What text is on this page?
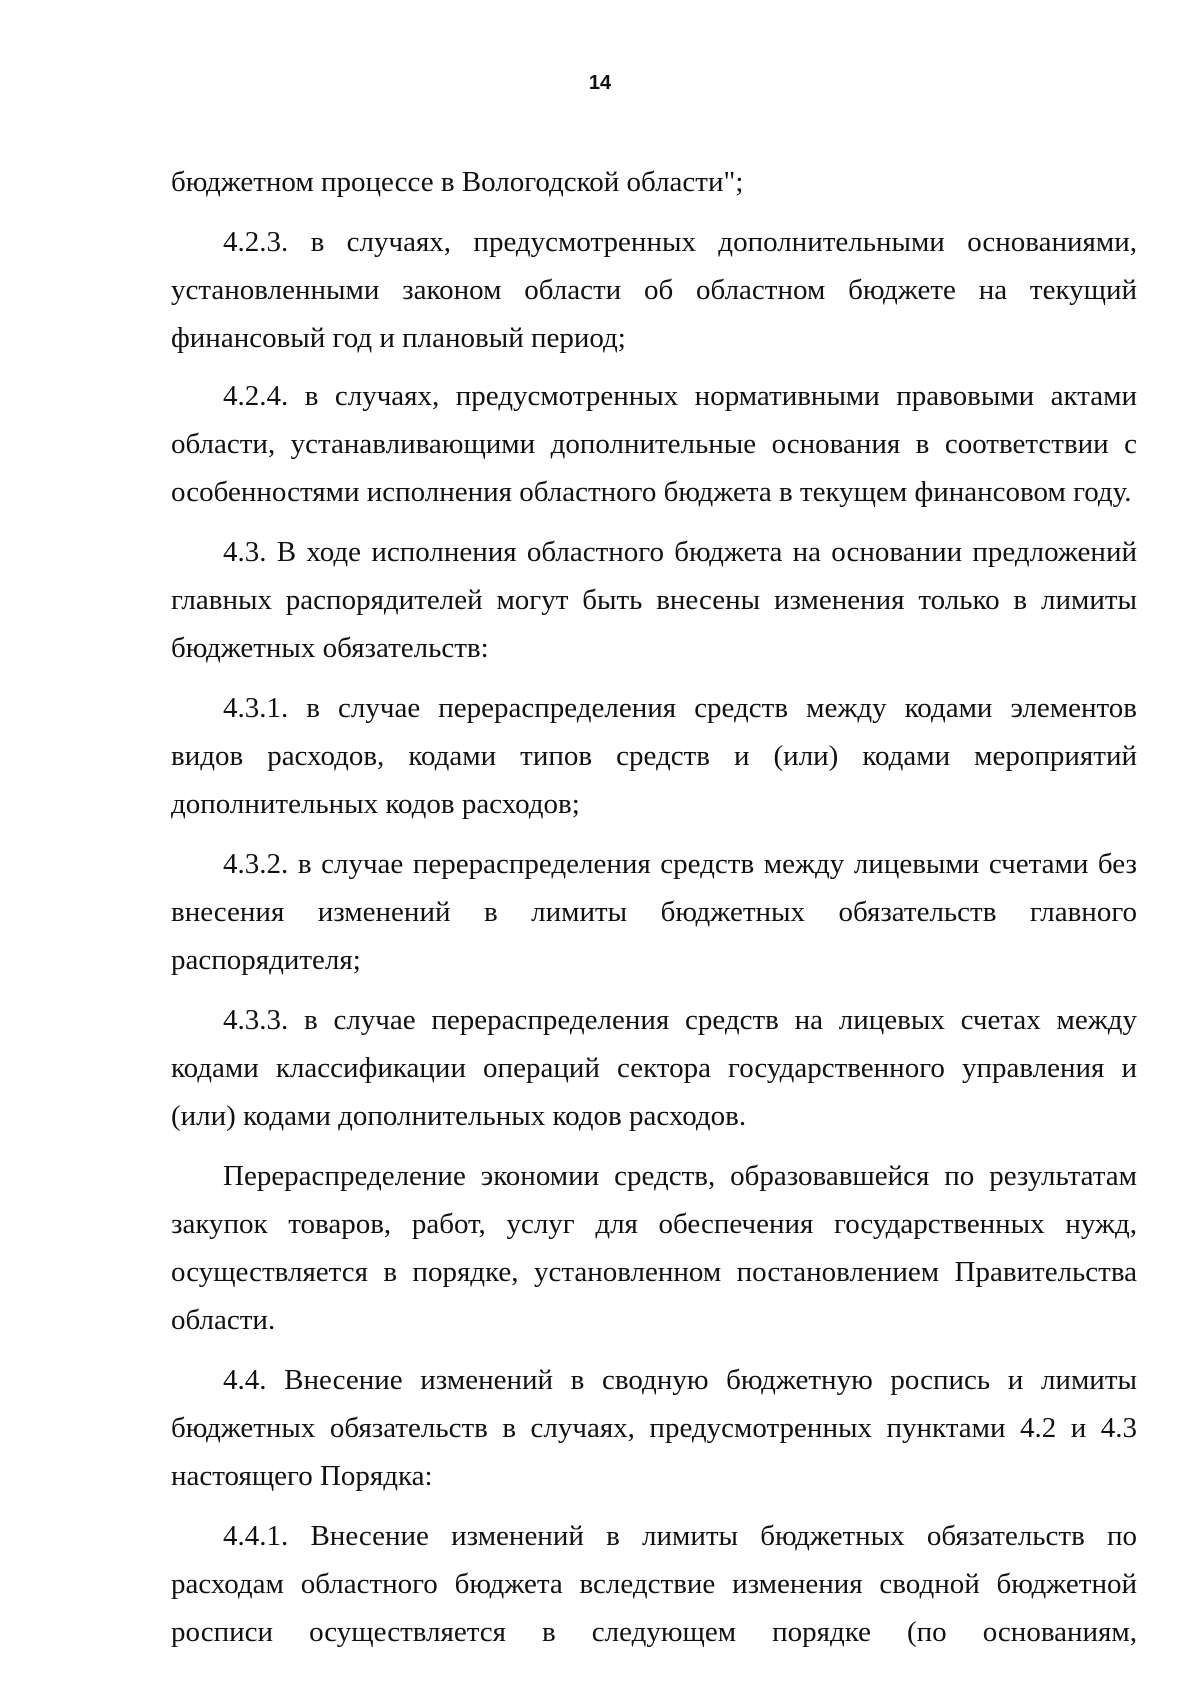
14

бюджетном процессе в Вологодской области";

4.2.3. в случаях, предусмотренных дополнительными основаниями, установленными законом области об областном бюджете на текущий финансовый год и плановый период;

4.2.4. в случаях, предусмотренных нормативными правовыми актами области, устанавливающими дополнительные основания в соответствии с особенностями исполнения областного бюджета в текущем финансовом году.

4.3. В ходе исполнения областного бюджета на основании предложений главных распорядителей могут быть внесены изменения только в лимиты бюджетных обязательств:

4.3.1. в случае перераспределения средств между кодами элементов видов расходов, кодами типов средств и (или) кодами мероприятий дополнительных кодов расходов;

4.3.2. в случае перераспределения средств между лицевыми счетами без внесения изменений в лимиты бюджетных обязательств главного распорядителя;

4.3.3. в случае перераспределения средств на лицевых счетах между кодами классификации операций сектора государственного управления и (или) кодами дополнительных кодов расходов.

Перераспределение экономии средств, образовавшейся по результатам закупок товаров, работ, услуг для обеспечения государственных нужд, осуществляется в порядке, установленном постановлением Правительства области.

4.4. Внесение изменений в сводную бюджетную роспись и лимиты бюджетных обязательств в случаях, предусмотренных пунктами 4.2 и 4.3 настоящего Порядка:

4.4.1. Внесение изменений в лимиты бюджетных обязательств по расходам областного бюджета вследствие изменения сводной бюджетной росписи осуществляется в следующем порядке (по основаниям,
